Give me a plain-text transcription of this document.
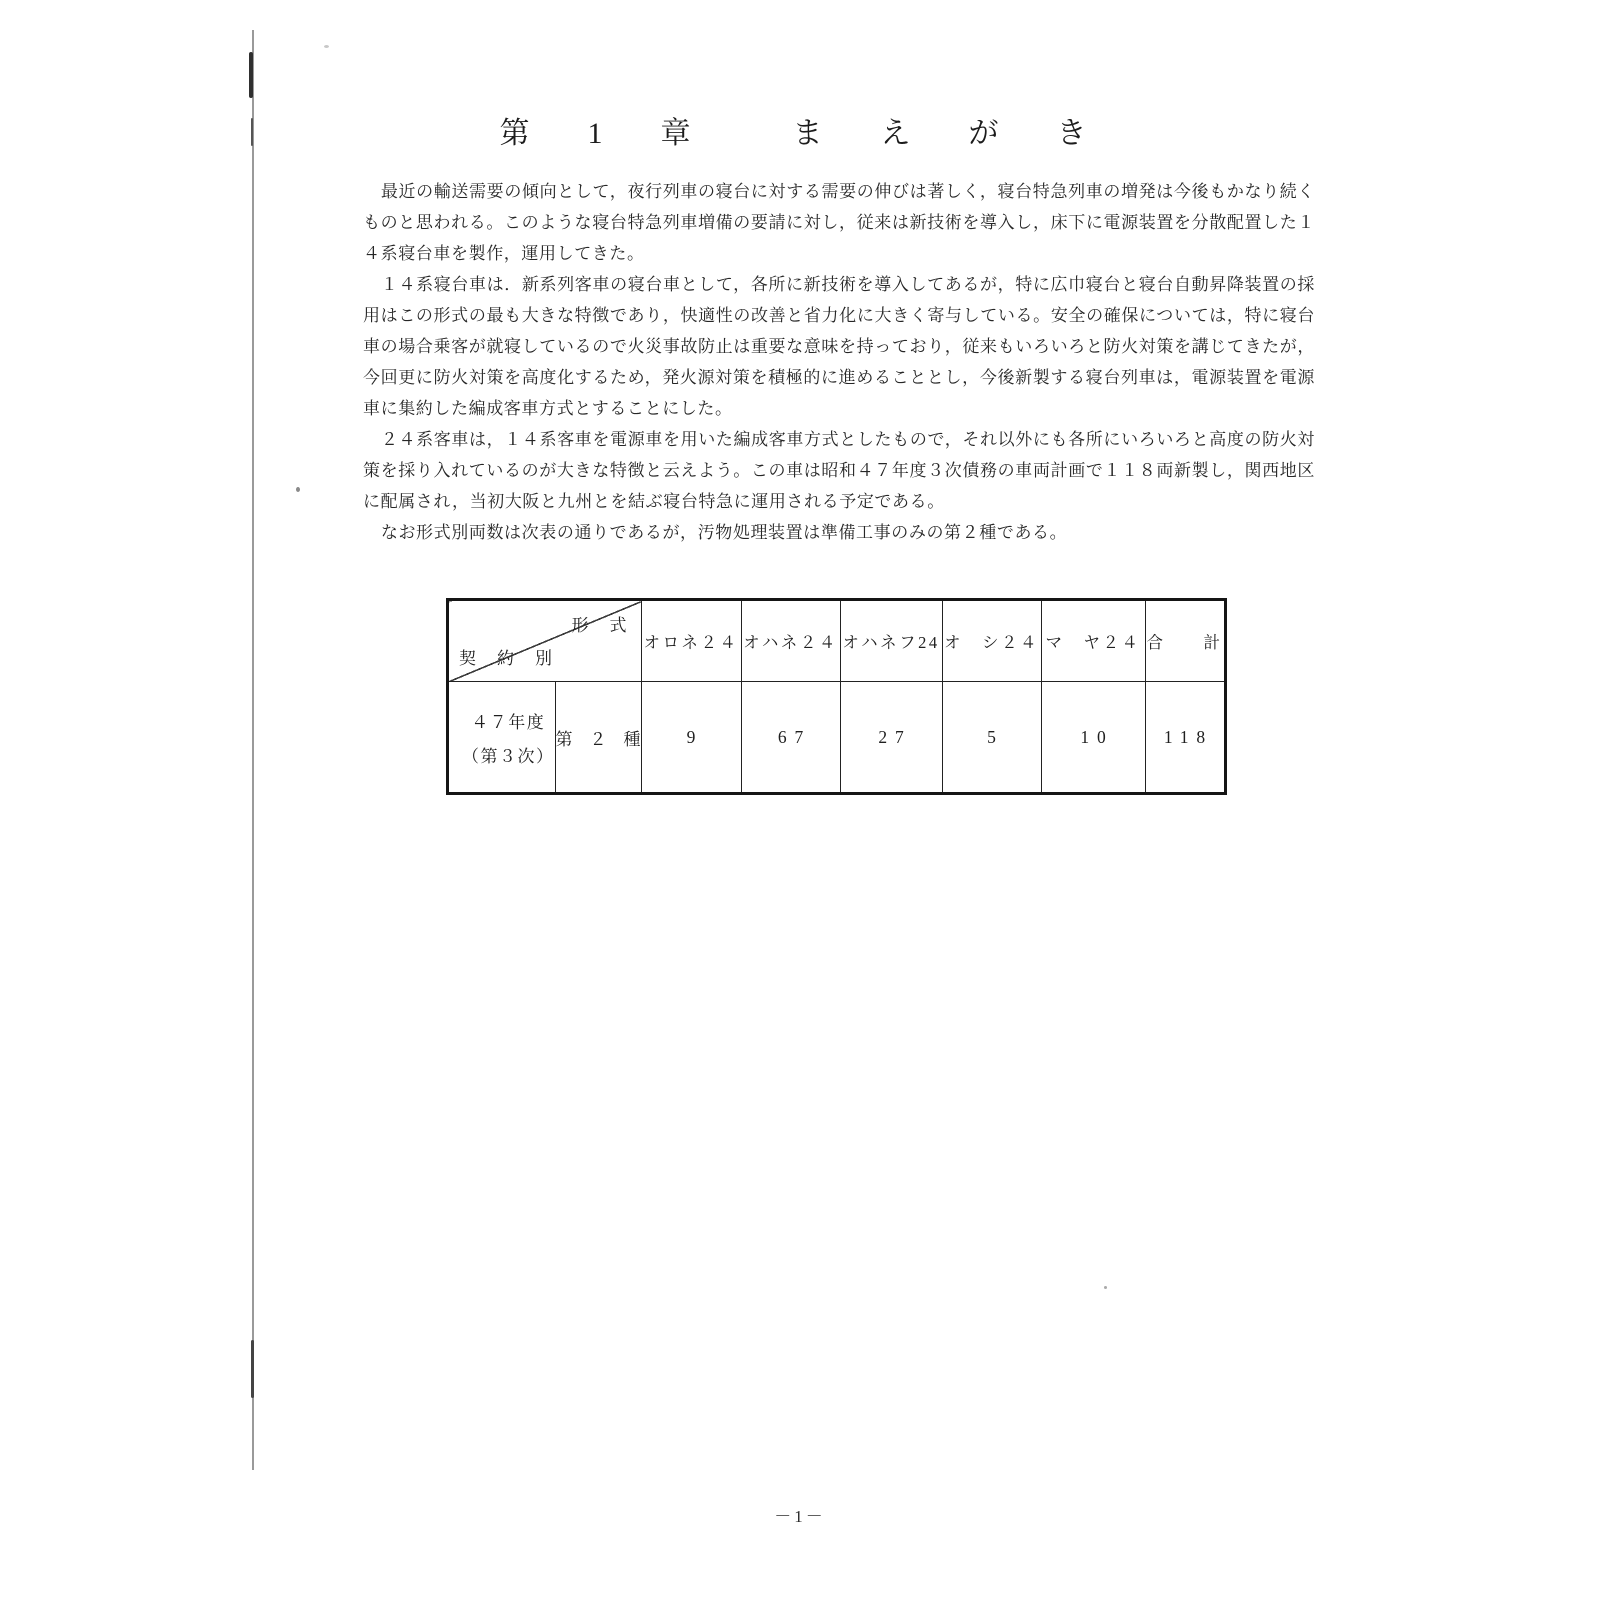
第　1　章　　ま　え　が　き

最近の輸送需要の傾向として，夜行列車の寝台に対する需要の伸びは著しく，寝台特急列車の増発は今後もかなり続くものと思われる。このような寝台特急列車増備の要請に対し，従来は新技術を導入し，床下に電源装置を分散配置した１４系寝台車を製作，運用してきた。

１４系寝台車は．新系列客車の寝台車として，各所に新技術を導入してあるが，特に広巾寝台と寝台自動昇降装置の採用はこの形式の最も大きな特徴であり，快適性の改善と省力化に大きく寄与している。安全の確保については，特に寝台車の場合乗客が就寝しているので火災事故防止は重要な意味を持っており，従来もいろいろと防火対策を講じてきたが，今回更に防火対策を高度化するため，発火源対策を積極的に進めることとし，今後新製する寝台列車は，電源装置を電源車に集約した編成客車方式とすることにした。

２４系客車は，１４系客車を電源車を用いた編成客車方式としたもので，それ以外にも各所にいろいろと高度の防火対策を採り入れているのが大きな特徴と云えよう。この車は昭和４７年度３次債務の車両計画で１１８両新製し，関西地区に配属され，当初大阪と九州とを結ぶ寝台特急に運用される予定である。

なお形式別両数は次表の通りであるが，汚物処理装置は準備工事のみの第２種である。

形　式
契　約　別		オロネ２４	オハネ２４	オハネフ24	オ　シ２４	マ　ヤ２４	合　　計

４７年度
（第３次）	第　２　種	9	67	27	5	10	118
－1－
